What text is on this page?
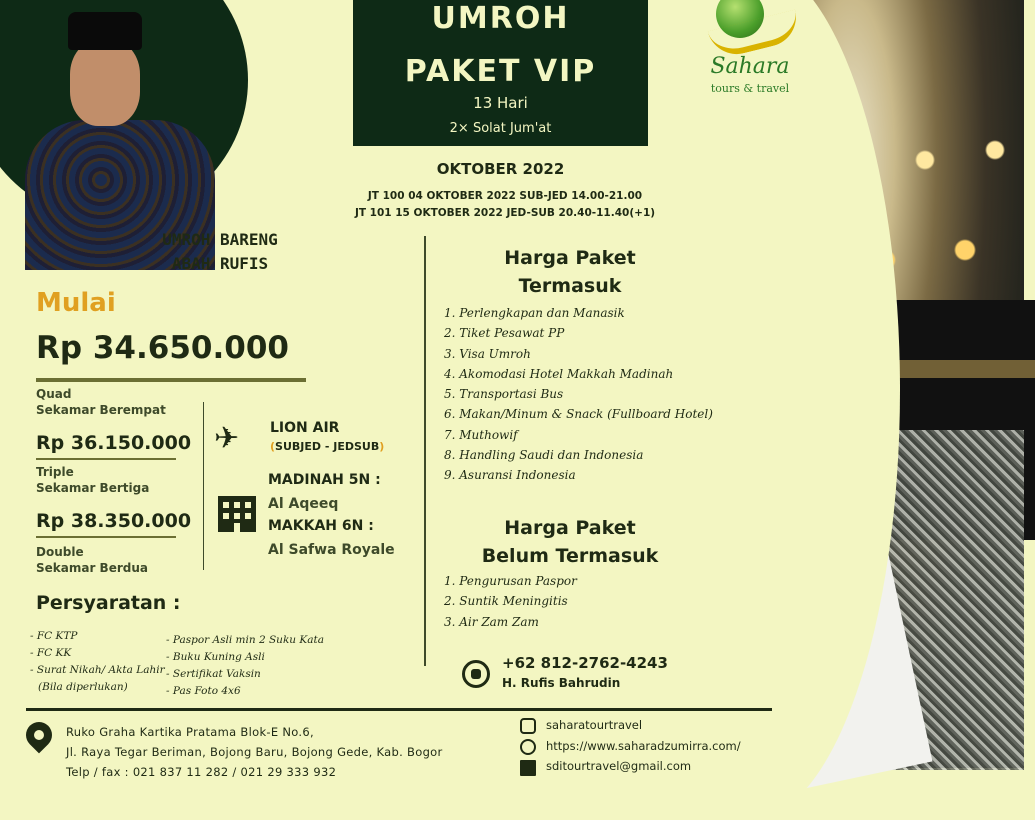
UMROH BARENG
ABAH RUFIS
UMROH
PAKET VIP
13 Hari
2× Solat Jum'at
Sahara
tours & travel
OKTOBER 2022
JT 100 04 OKTOBER 2022 SUB-JED 14.00-21.00
JT 101 15 OKTOBER 2022 JED-SUB 20.40-11.40(+1)
Mulai
Rp 34.650.000
Quad
Sekamar Berempat
Rp 36.150.000
Triple
Sekamar Bertiga
Rp 38.350.000
Double
Sekamar Berdua
✈ LION AIR
(SUBJED - JEDSUB)
MADINAH 5N :
Al Aqeeq
MAKKAH 6N :
Al Safwa Royale
Persyaratan :
- FC KTP
- FC KK
- Surat Nikah/ Akta Lahir
(Bila diperlukan)
- Paspor Asli min 2 Suku Kata
- Buku Kuning Asli
- Sertifikat Vaksin
- Pas Foto 4x6
Harga Paket
Termasuk
1. Perlengkapan dan Manasik
2. Tiket Pesawat PP
3. Visa Umroh
4. Akomodasi Hotel Makkah Madinah
5. Transportasi Bus
6. Makan/Minum & Snack (Fullboard Hotel)
7. Muthowif
8. Handling Saudi dan Indonesia
9. Asuransi Indonesia
Harga Paket
Belum Termasuk
1. Pengurusan Paspor
2. Suntik Meningitis
3. Air Zam Zam
+62 812-2762-4243
H. Rufis Bahrudin
Ruko Graha Kartika Pratama Blok-E No.6,
Jl. Raya Tegar Beriman, Bojong Baru, Bojong Gede, Kab. Bogor
Telp / fax : 021 837 11 282 / 021 29 333 932
saharatourtravel
https://www.saharadzumirra.com/
sditourtravel@gmail.com
